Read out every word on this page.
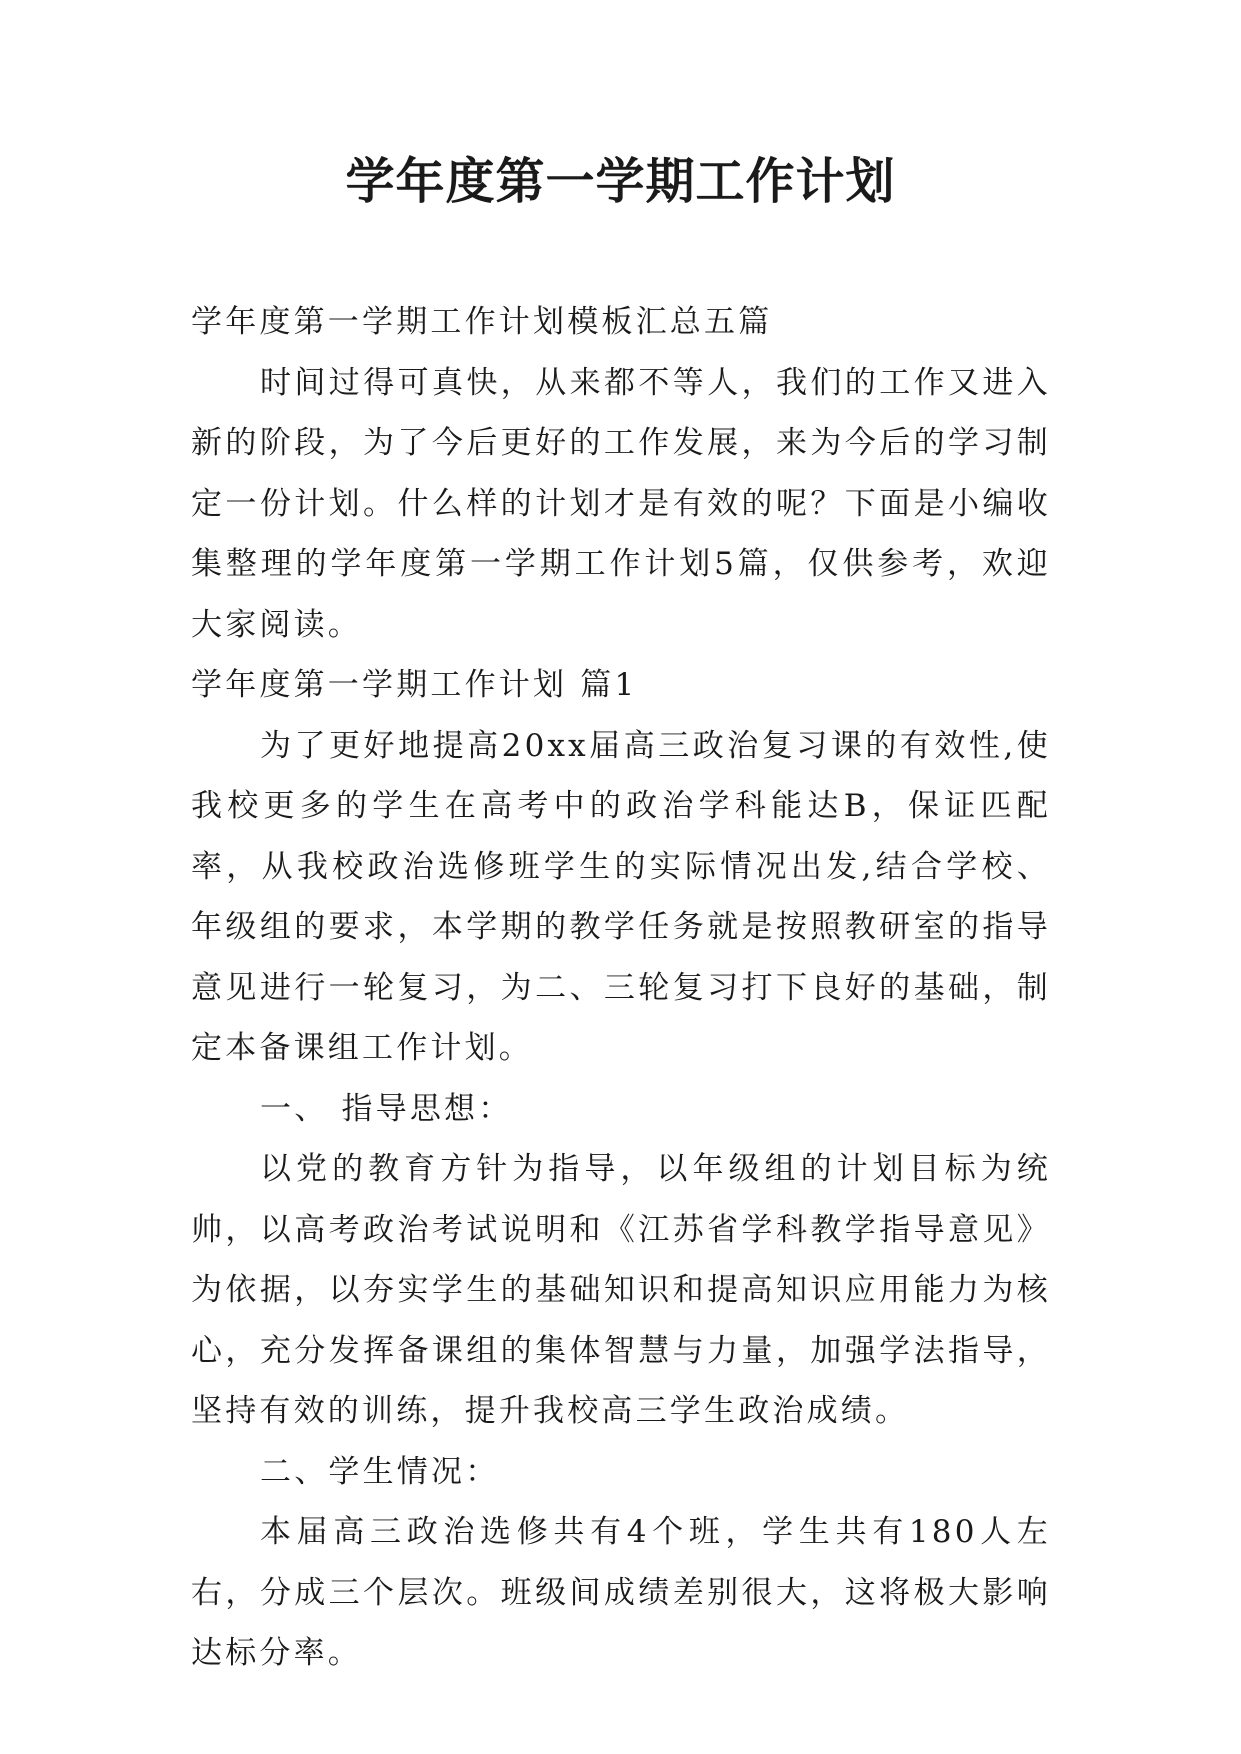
学年度第一学期工作计划

学年度第一学期工作计划模板汇总五篇

时间过得可真快，从来都不等人，我们的工作又进入新的阶段，为了今后更好的工作发展，来为今后的学习制定一份计划。什么样的计划才是有效的呢？下面是小编收集整理的学年度第一学期工作计划5篇，仅供参考，欢迎大家阅读。

学年度第一学期工作计划 篇1

为了更好地提高20xx届高三政治复习课的有效性,使我校更多的学生在高考中的政治学科能达B，保证匹配率，从我校政治选修班学生的实际情况出发,结合学校、年级组的要求，本学期的教学任务就是按照教研室的指导意见进行一轮复习，为二、三轮复习打下良好的基础，制定本备课组工作计划。

一、 指导思想：

以党的教育方针为指导，以年级组的计划目标为统帅，以高考政治考试说明和《江苏省学科教学指导意见》为依据，以夯实学生的基础知识和提高知识应用能力为核心，充分发挥备课组的集体智慧与力量，加强学法指导，坚持有效的训练，提升我校高三学生政治成绩。

二、学生情况：

本届高三政治选修共有4个班，学生共有180人左右，分成三个层次。班级间成绩差别很大，这将极大影响达标分率。
